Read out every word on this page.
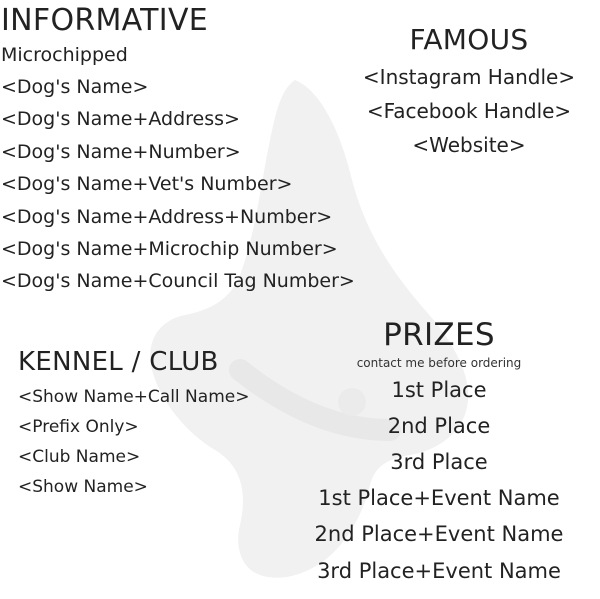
INFORMATIVE
Microchipped
<Dog's Name>
<Dog's Name+Address>
<Dog's Name+Number>
<Dog's Name+Vet's Number>
<Dog's Name+Address+Number>
<Dog's Name+Microchip Number>
<Dog's Name+Council Tag Number>
FAMOUS
<Instagram Handle>
<Facebook Handle>
<Website>
KENNEL / CLUB
<Show Name+Call Name>
<Prefix Only>
<Club Name>
<Show Name>
PRIZES
contact me before ordering
1st Place
2nd Place
3rd Place
1st Place+Event Name
2nd Place+Event Name
3rd Place+Event Name
